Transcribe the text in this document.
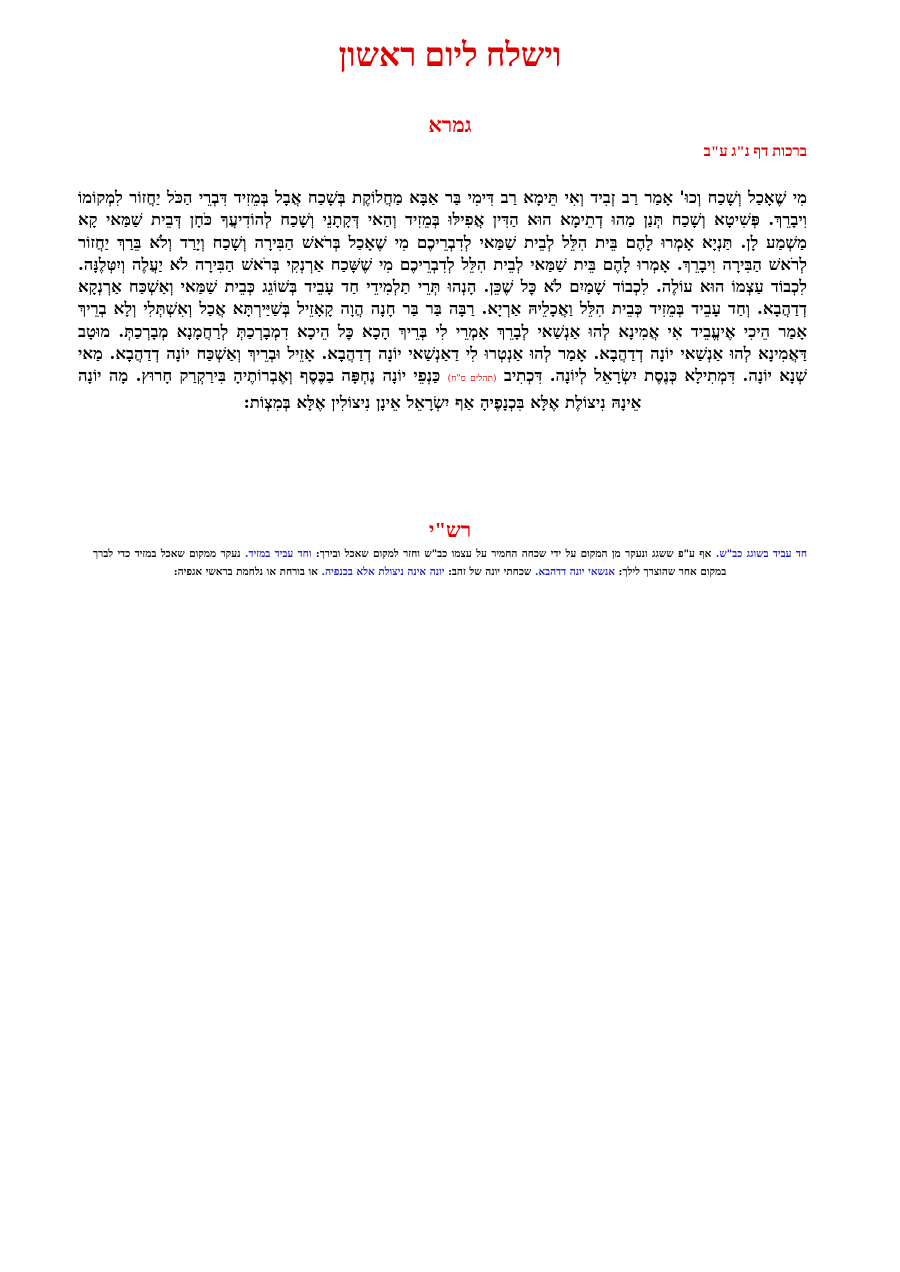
וישלח ליום ראשון
גמרא
ברכות דף נ"ג ע"ב
מִי שֶׁאָכַל וְשָׁכַח וְכוּ' אָמַר רַב זְבִיד וְאִי תֵּימָא רַב דִּימִי בַּר אַבָּא מַחֲלוֹקֶת בְּשָׁכַח אֲבָל בְּמֵזִיד דִּבְרֵי הַכֹּל יַחֲזוֹר לִמְקוֹמוֹ וִיבָרֵךְ. פְּשִׁיטָא וְשָׁכַח תְּנַן מַהוּ דְתֵימָא הוּא הַדִּין אֲפִילּוּ בְּמֵזִיד וְהַאי דְּקָתָנֵי וְשָׁכַח לְהוֹדִיעֲךָ כֹּחָן דְּבֵית שַׁמַּאי קָא מַשְׁמַע לָן. תַּנְיָא אָמְרוּ לָהֶם בֵּית הִלֵּל לְבֵית שַׁמַּאי לְדִבְרֵיכֶם מִי שֶׁאָכַל בְּרֹאשׁ הַבִּירָה וְשָׁכַח וְיָרַד וְלֹא בֵּרַךְ יַחֲזוֹר לְרֹאשׁ הַבִּירָה וִיבָרֵךְ. אָמְרוּ לָהֶם בֵּית שַׁמַּאי לְבֵית הִלֵּל לְדִבְרֵיכֶם מִי שֶׁשָּׁכַח אַרְנְקִי בְּרֹאשׁ הַבִּירָה לֹא יַעֲלֶה וְיִטְּלֶנָּה. לִכְבוֹד עַצְמוֹ הוּא עוֹלֶה. לִכְבוֹד שָׁמַיִם לֹא כׇּל שֶׁכֵּן. הָנְהוּ תְּרֵי תַלְמִידֵי חַד עָבֵיד בְּשׁוֹגֵג כְּבֵית שַׁמַּאי וְאַשְׁכַּח אַרְנְקָא דְדַהֲבָא. וְחַד עָבֵיד בְּמֵזִיד כְּבֵית הִלֵּל וַאֲכָלֵיהּ אַרְיָא. רַבָּה בַּר בַּר חָנָה הֲוָה קָאָזֵיל בְּשַׁיַּירְתָּא אֲכַל וְאִשְׁתְּלִי וְלָא בְרֵיךְ אָמַר הֵיכִי אֶיעֱבֵיד אִי אֲמִינָא לְהוּ אַנְשַׁאי לְבָרֵךְ אָמְרֵי לִי בְּרֵיךְ הָכָא כׇּל הֵיכָא דִמְבָרְכַתְּ לְרַחֲמָנָא מְבָרְכַתְּ. מוּטָב דַּאֲמִינָא לְהוּ אַנְשַׁאי יוֹנָה דְדַהֲבָא. אָמַר לְהוּ אַנְטְרוּ לִי דַאַנְשַׁאי יוֹנָה דְדַהֲבָא. אָזֵיל וּבְרֵיךְ וְאַשְׁכַּח יוֹנָה דְדַהֲבָא. מַאי שְׁנָא יוֹנָה. דִּמְתִילָא כְּנֶסֶת יִשְׂרָאֵל לְיוֹנָה. דִּכְתִיב (תהלים ס"ח) כַּנְפֵי יוֹנָה נֶחְפָּה בַכֶּסֶף וְאֶבְרוֹתֶיהָ בִּירַקְרַק חָרוּץ. מָה יוֹנָה אֵינָהּ נִיצוֹלֶת אֶלָּא בִּכְנָפֶיהָ אַף יִשְׂרָאֵל אֵינָן נִיצוֹלִין אֶלָּא בְּמִצְוֹת:
רש"י
חד עביד בשוגג כב"ש. אף ע"פ ששגג ונעקר מן המקום על ידי שכחה החמיר על עצמו כב"ש וחזר למקום שאכל ובירך: וחד עביד במזיד. נעקר ממקום שאכל במזיד כדי לברך במקום אחר שהוצרך לילך: אנשאי יונה דדהבא. שכחתי יונה של זהב: יונה אינה ניצולת אלא בכנפיה. או בורחת או נלחמת בראשי אגפיה:
